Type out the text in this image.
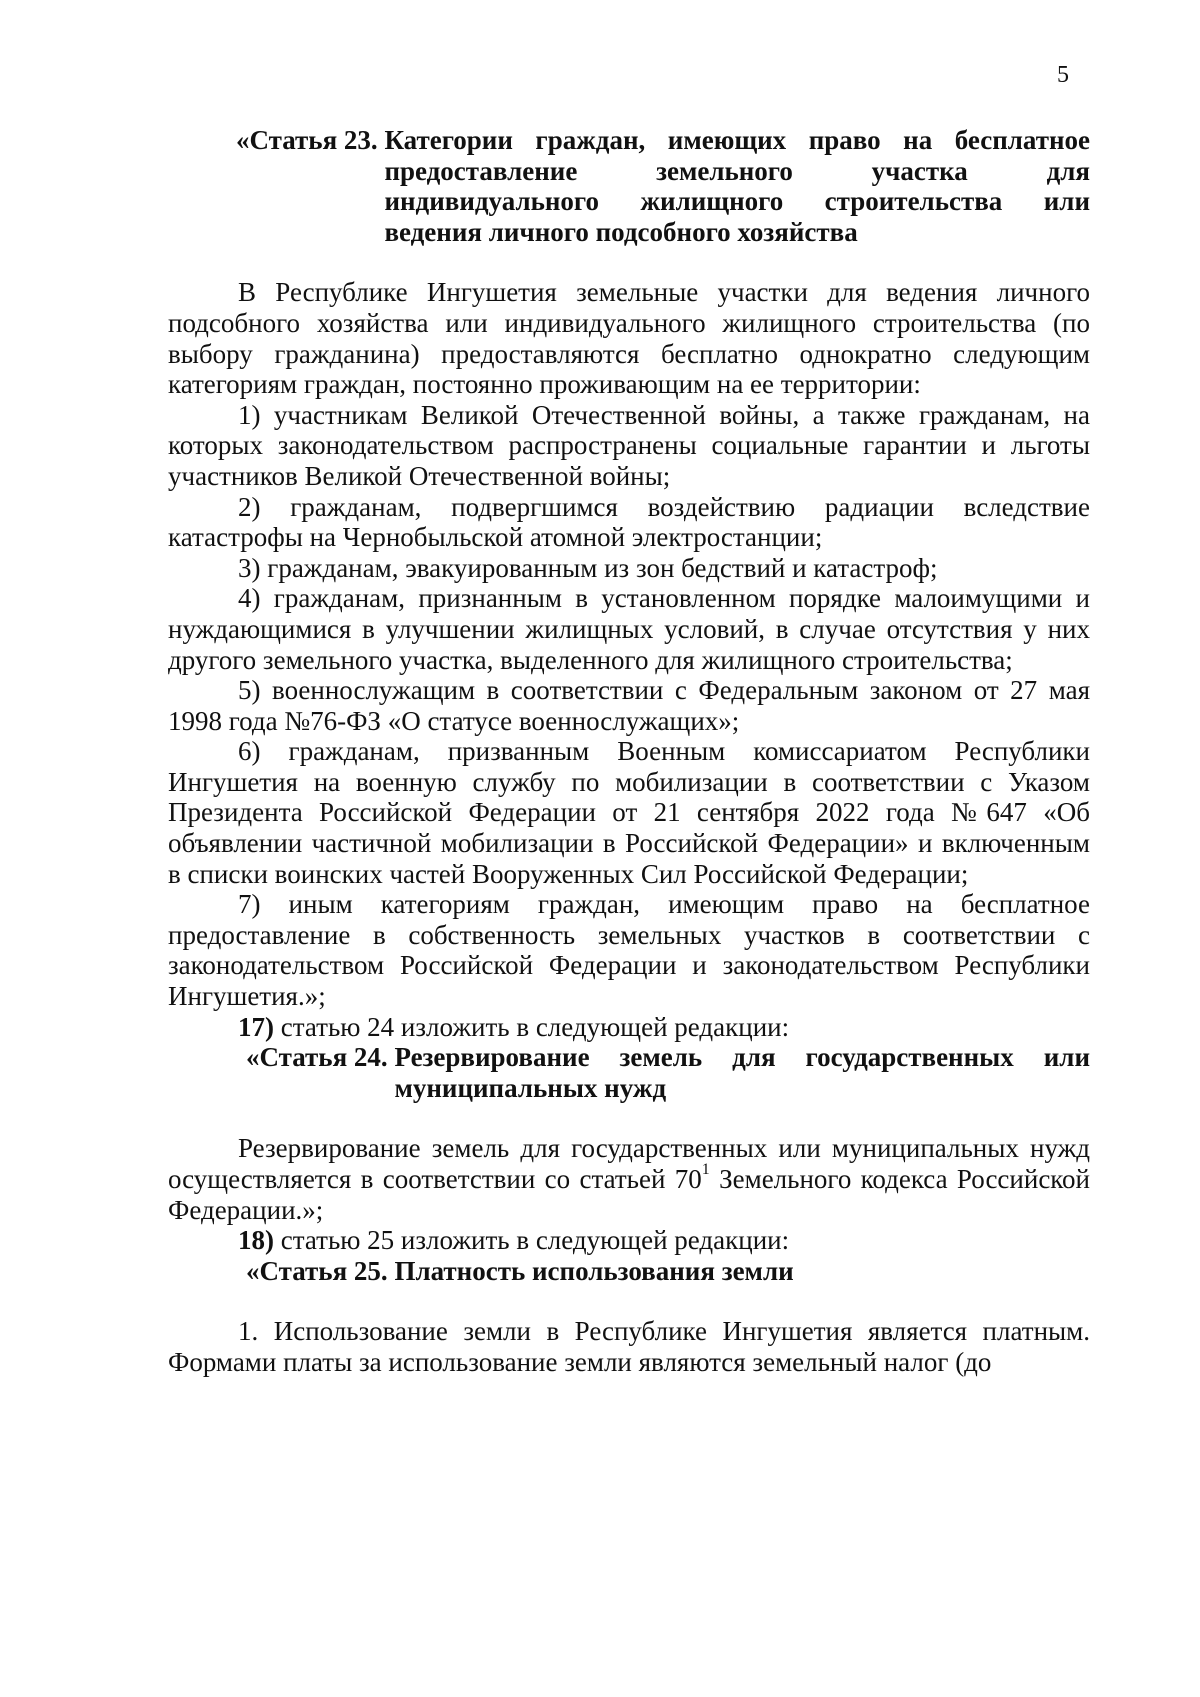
5
«Статья 23.
Категории граждан, имеющих право на бесплатное предоставление земельного участка для индивидуального жилищного строительства или ведения личного подсобного хозяйства

В Республике Ингушетия земельные участки для ведения личного подсобного хозяйства или индивидуального жилищного строительства (по выбору гражданина) предоставляются бесплатно однократно следующим категориям граждан, постоянно проживающим на ее территории:

1) участникам Великой Отечественной войны, а также гражданам, на которых законодательством распространены социальные гарантии и льготы участников Великой Отечественной войны;

2) гражданам, подвергшимся воздействию радиации вследствие катастрофы на Чернобыльской атомной электростанции;

3) гражданам, эвакуированным из зон бедствий и катастроф;

4) гражданам, признанным в установленном порядке малоимущими и нуждающимися в улучшении жилищных условий, в случае отсутствия у них другого земельного участка, выделенного для жилищного строительства;

5) военнослужащим в соответствии с Федеральным законом от 27 мая 1998 года №76-ФЗ «О статусе военнослужащих»;

6) гражданам, призванным Военным комиссариатом Республики Ингушетия на военную службу по мобилизации в соответствии с Указом Президента Российской Федерации от 21 сентября 2022 года №647 «Об объявлении частичной мобилизации в Российской Федерации» и включенным в списки воинских частей Вооруженных Сил Российской Федерации;

7) иным категориям граждан, имеющим право на бесплатное предоставление в собственность земельных участков в соответствии с законодательством Российской Федерации и законодательством Республики Ингушетия.»;

17) статью 24 изложить в следующей редакции:

«Статья 24.
Резервирование земель для государственных или муниципальных нужд

Резервирование земель для государственных или муниципальных нужд осуществляется в соответствии со статьей $70^1$ Земельного кодекса Российской Федерации.»;

18) статью 25 изложить в следующей редакции:

«Статья 25.
Платность использования земли

1. Использование земли в Республике Ингушетия является платным. Формами платы за использование земли являются земельный налог (до
